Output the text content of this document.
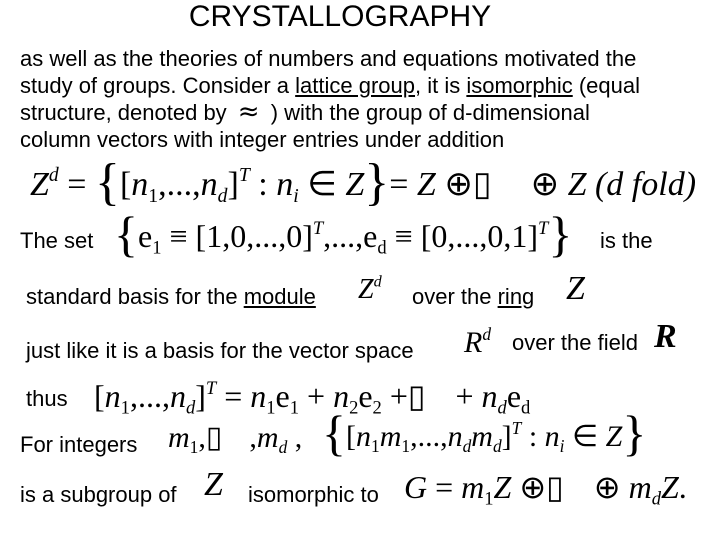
CRYSTALLOGRAPHY
as well as the theories of numbers and equations motivated the
study of groups. Consider a lattice group, it is isomorphic (equal
structure, denoted by ≈ ) with the group of d-dimensional
column vectors with integer entries under addition
$Z^d = \{[n_1,...,n_d]^T$ : $n_i$ ∈ Z}= Z ⊕▯ ⊕ Z (d fold)
The set $\{e_1 \equiv [1,0,...,0]^T,...,e_d \equiv [0,...,0,1]^T\}$ is the
standard basis for the module $Z^d$
over the ring Z
just like it is a basis for the vector space $R^d$ over the field R
thus $[n_1,...,n_d]^T = n_1e_1 + n_2e_2$ +▯ + $n_de_d$
For integers $m_1,▯$ $,m_d$ , {$[n_1m_1,...,n_dm_d]^T$ : $n_i$ ∈ Z}
is a subgroup of Z isomorphic to $G = m_1Z$ ⊕▯ ⊕ $m_dZ$.
